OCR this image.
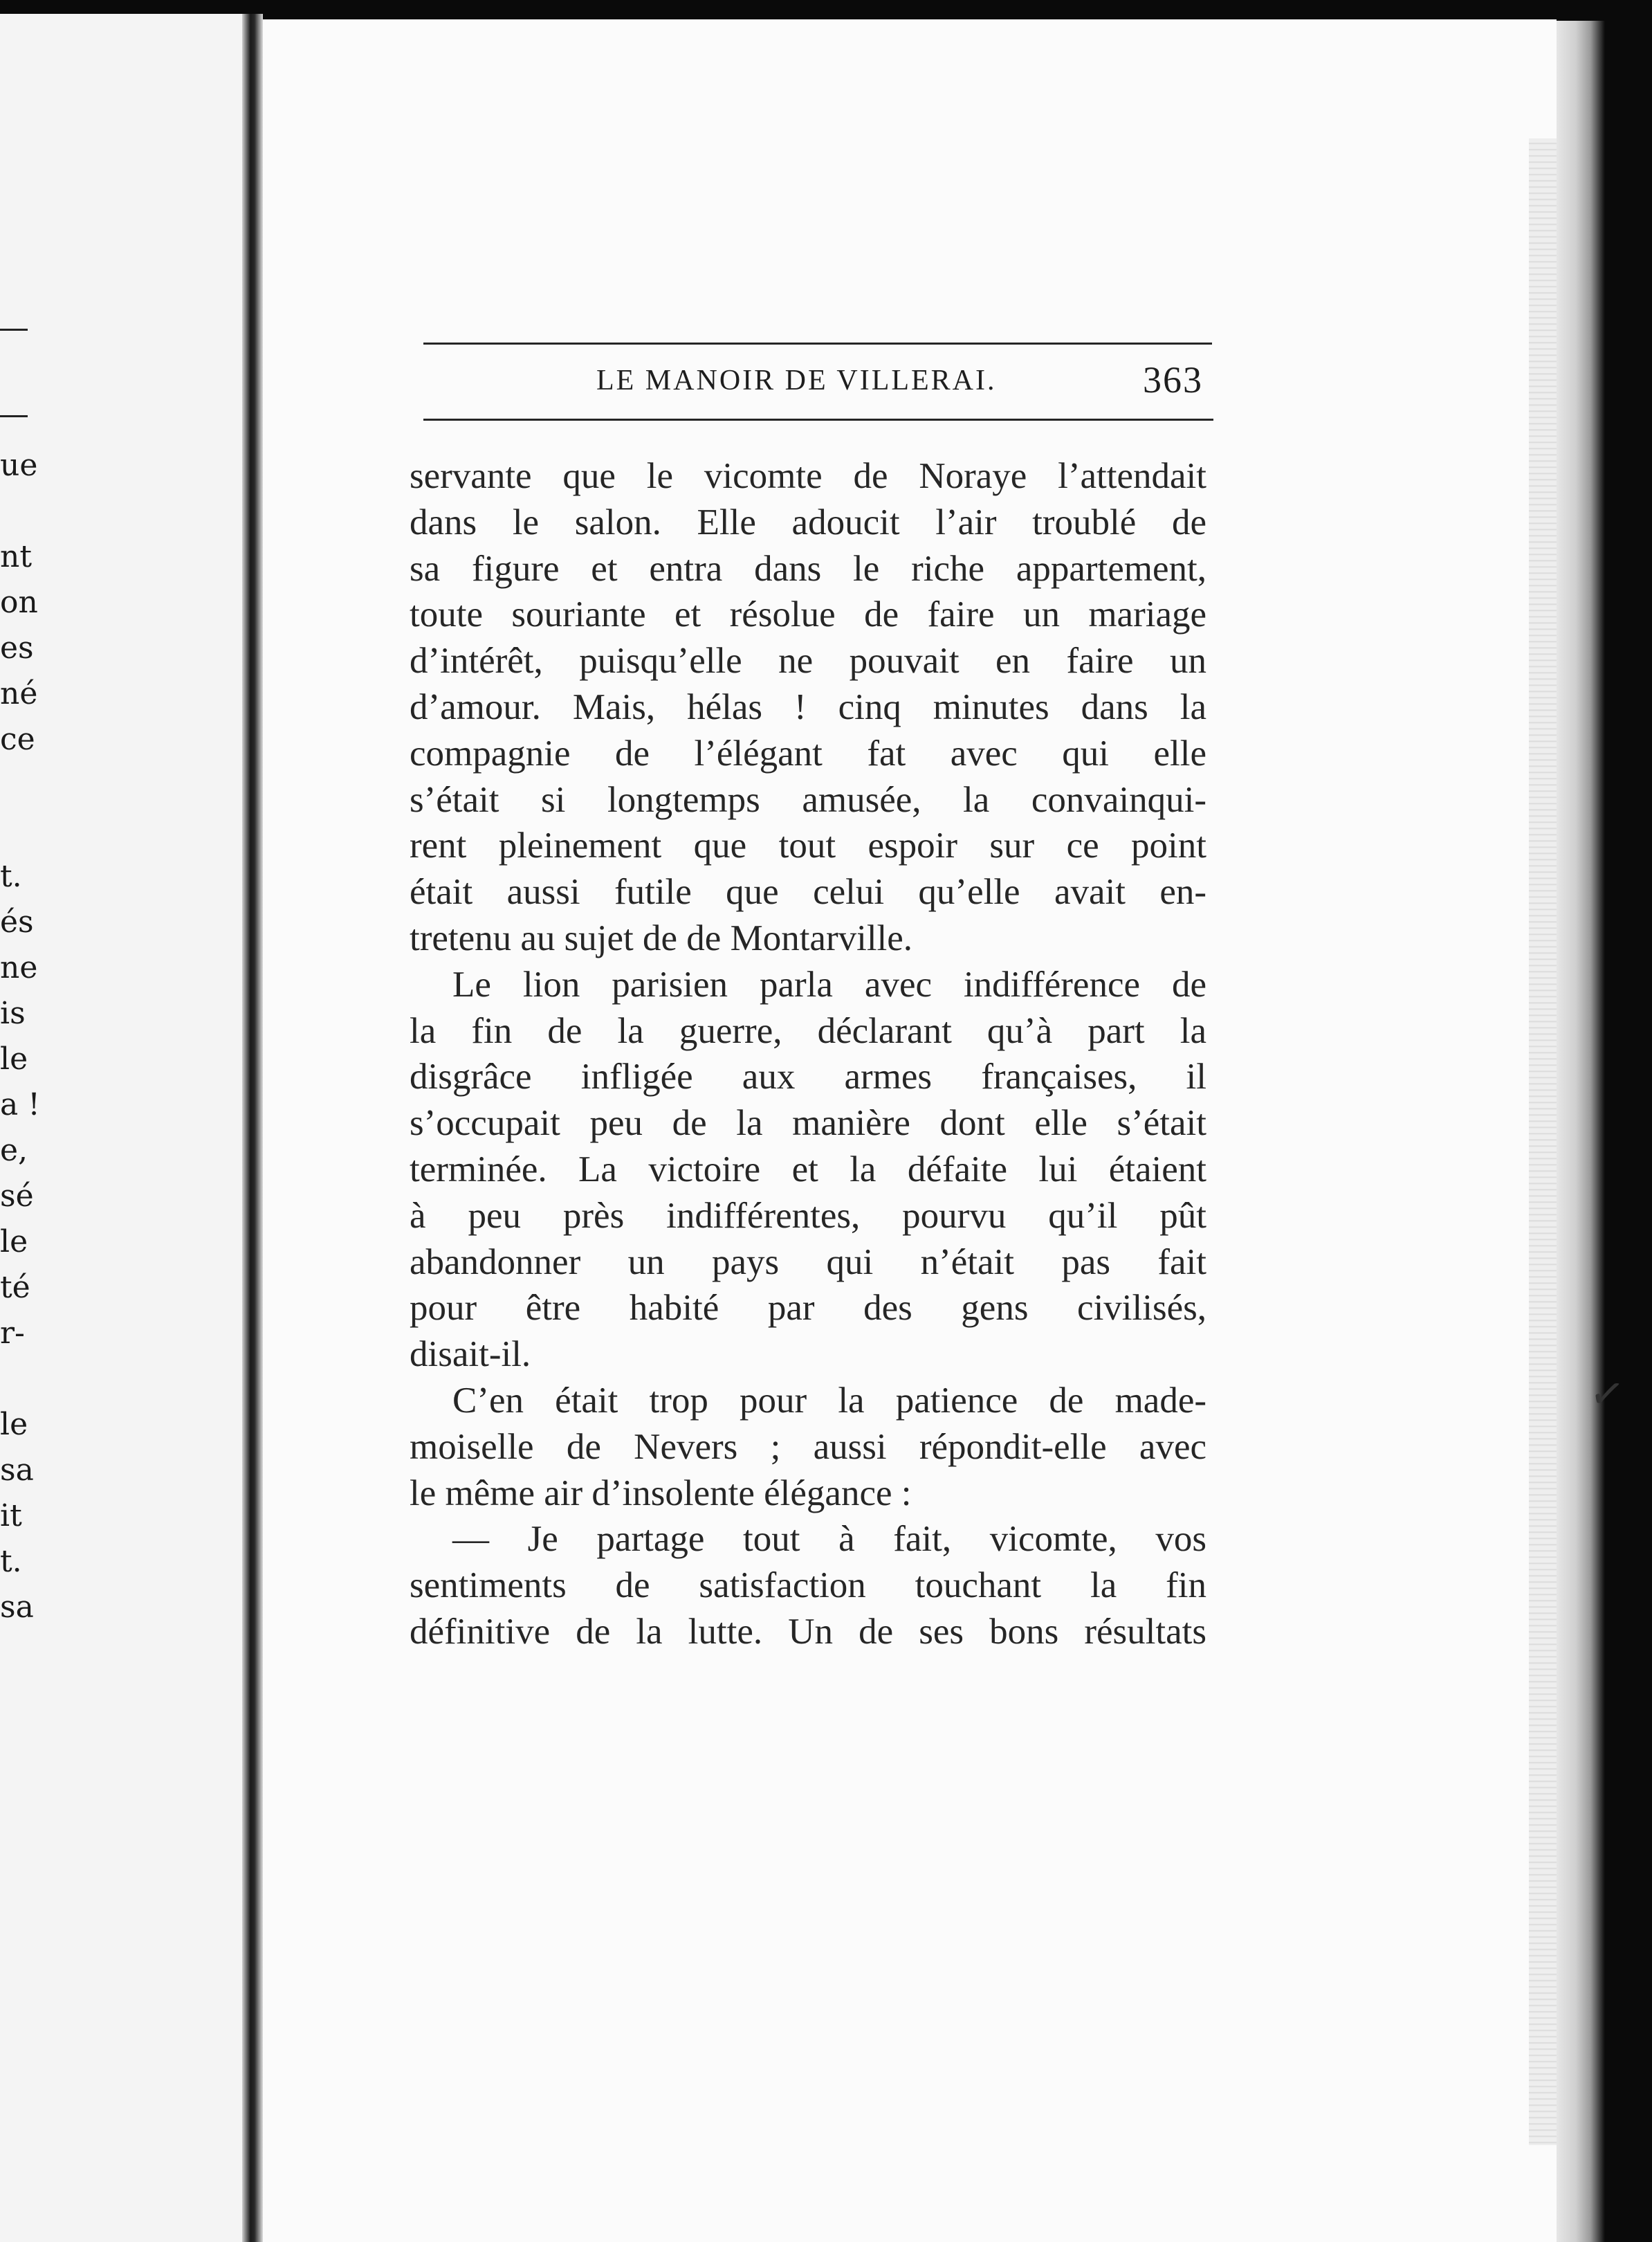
ue
nt
on
es
né
ce
t.
és
ne
is
le
a !
e,
sé
le
té
r-
le
sa
it
t.
sa
LE MANOIR DE VILLERAI.	363
servante que le vicomte de Noraye l’attendait
dans le salon. Elle adoucit l’air troublé de
sa figure et entra dans le riche appartement,
toute souriante et résolue de faire un mariage
d’intérêt, puisqu’elle ne pouvait en faire un
d’amour. Mais, hélas ! cinq minutes dans la
compagnie de l’élégant fat avec qui elle
s’était si longtemps amusée, la convainqui-
rent pleinement que tout espoir sur ce point
était aussi futile que celui qu’elle avait en-
tretenu au sujet de de Montarville.
Le lion parisien parla avec indifférence de
la fin de la guerre, déclarant qu’à part la
disgrâce infligée aux armes françaises, il
s’occupait peu de la manière dont elle s’était
terminée. La victoire et la défaite lui étaient
à peu près indifférentes, pourvu qu’il pût
abandonner un pays qui n’était pas fait
pour être habité par des gens civilisés,
disait-il.
C’en était trop pour la patience de made-
moiselle de Nevers ; aussi répondit-elle avec
le même air d’insolente élégance :
— Je partage tout à fait, vicomte, vos
sentiments de satisfaction touchant la fin
définitive de la lutte. Un de ses bons résultats
✓
